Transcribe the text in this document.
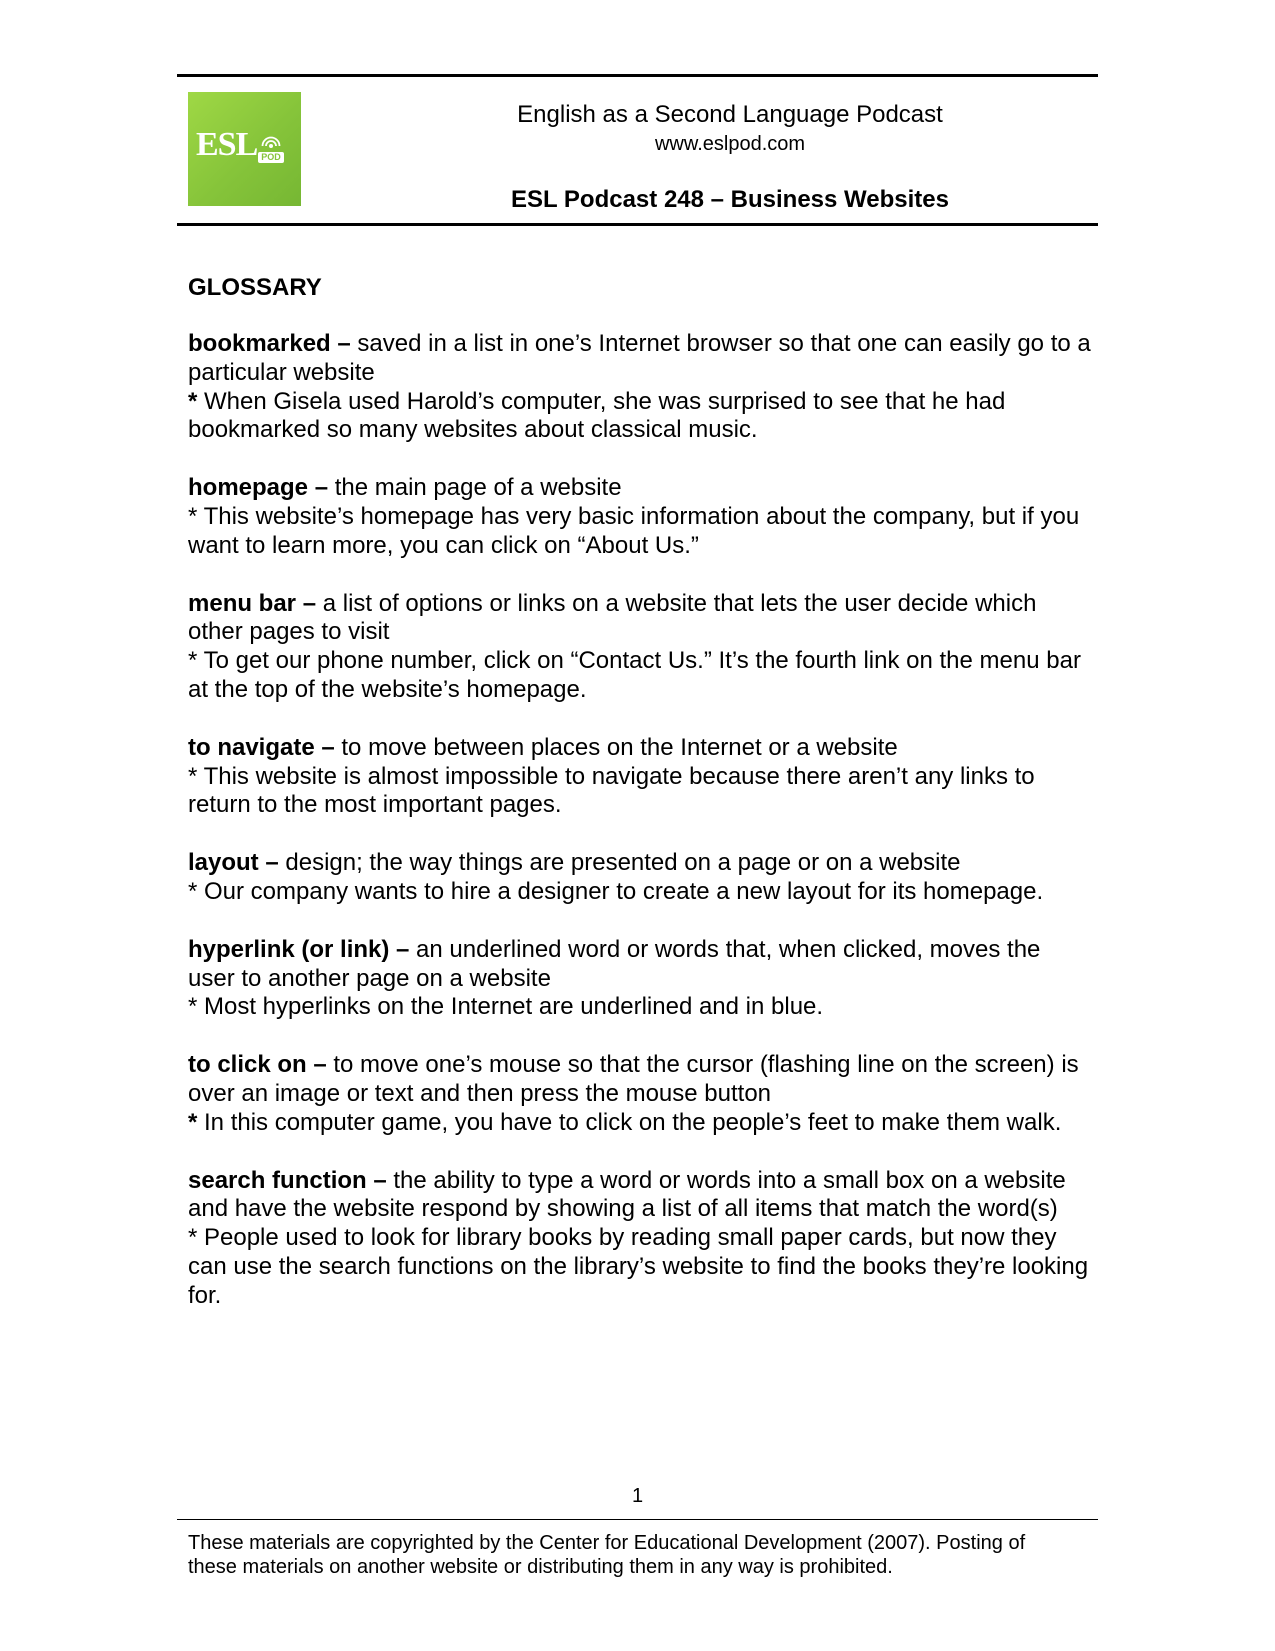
ESL POD
English as a Second Language Podcast
www.eslpod.com
ESL Podcast 248 – Business Websites
GLOSSARY

bookmarked – saved in a list in one’s Internet browser so that one can easily go to a particular website

* When Gisela used Harold’s computer, she was surprised to see that he had bookmarked so many websites about classical music.

homepage – the main page of a website

* This website’s homepage has very basic information about the company, but if you want to learn more, you can click on “About Us.”

menu bar – a list of options or links on a website that lets the user decide which other pages to visit

* To get our phone number, click on “Contact Us.” It’s the fourth link on the menu bar at the top of the website’s homepage.

to navigate – to move between places on the Internet or a website

* This website is almost impossible to navigate because there aren’t any links to return to the most important pages.

layout – design; the way things are presented on a page or on a website

* Our company wants to hire a designer to create a new layout for its homepage.

hyperlink (or link) – an underlined word or words that, when clicked, moves the user to another page on a website

* Most hyperlinks on the Internet are underlined and in blue.

to click on – to move one’s mouse so that the cursor (flashing line on the screen) is over an image or text and then press the mouse button

* In this computer game, you have to click on the people’s feet to make them walk.

search function – the ability to type a word or words into a small box on a website and have the website respond by showing a list of all items that match the word(s)

* People used to look for library books by reading small paper cards, but now they can use the search functions on the library’s website to find the books they’re looking for.

1

These materials are copyrighted by the Center for Educational Development (2007). Posting of

these materials on another website or distributing them in any way is prohibited.
